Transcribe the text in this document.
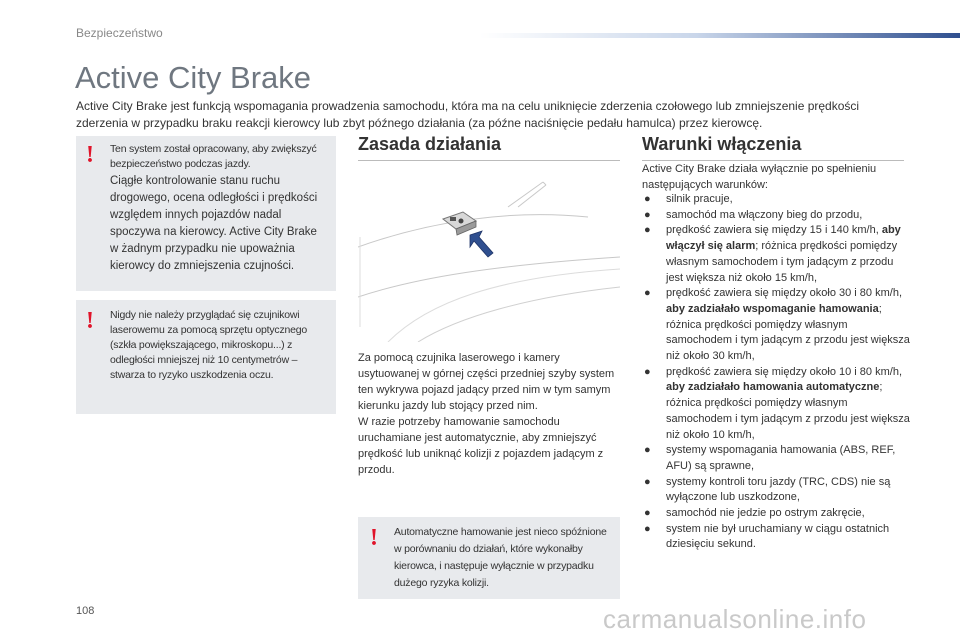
Bezpieczeństwo
Active City Brake
Active City Brake jest funkcją wspomagania prowadzenia samochodu, która ma na celu uniknięcie zderzenia czołowego lub zmniejszenie prędkości zderzenia w przypadku braku reakcji kierowcy lub zbyt późnego działania (za późne naciśnięcie pedału hamulca) przez kierowcę.
! Ten system został opracowany, aby zwiększyć bezpieczeństwo podczas jazdy.
Ciągłe kontrolowanie stanu ruchu drogowego, ocena odległości i prędkości względem innych pojazdów nadal spoczywa na kierowcy. Active City Brake w żadnym przypadku nie upoważnia kierowcy do zmniejszenia czujności.
! Nigdy nie należy przyglądać się czujnikowi laserowemu za pomocą sprzętu optycznego (szkła powiększającego, mikroskopu...) z odległości mniejszej niż 10 centymetrów – stwarza to ryzyko uszkodzenia oczu.
Zasada działania

Za pomocą czujnika laserowego i kamery usytuowanej w górnej części przedniej szyby system ten wykrywa pojazd jadący przed nim w tym samym kierunku jazdy lub stojący przed nim.

W razie potrzeby hamowanie samochodu uruchamiane jest automatycznie, aby zmniejszyć prędkość lub uniknąć kolizji z pojazdem jadącym z przodu.

! Automatyczne hamowanie jest nieco spóźnione w porównaniu do działań, które wykonałby kierowca, i następuje wyłącznie w przypadku dużego ryzyka kolizji.
Warunki włączenia
Active City Brake działa wyłącznie po spełnieniu następujących warunków:
● silnik pracuje,
● samochód ma włączony bieg do przodu,
● prędkość zawiera się między 15 i 140 km/h, aby włączył się alarm; różnica prędkości pomiędzy własnym samochodem i tym jadącym z przodu jest większa niż około 15 km/h,
● prędkość zawiera się między około 30 i 80 km/h, aby zadziałało wspomaganie hamowania; różnica prędkości pomiędzy własnym samochodem i tym jadącym z przodu jest większa niż około 30 km/h,
● prędkość zawiera się między około 10 i 80 km/h, aby zadziałało hamowania automatyczne; różnica prędkości pomiędzy własnym samochodem i tym jadącym z przodu jest większa niż około 10 km/h,
● systemy wspomagania hamowania (ABS, REF, AFU) są sprawne,
● systemy kontroli toru jazdy (TRC, CDS) nie są wyłączone lub uszkodzone,
● samochód nie jedzie po ostrym zakręcie,
● system nie był uruchamiany w ciągu ostatnich dziesięciu sekund.
108	carmanualsonline.info
